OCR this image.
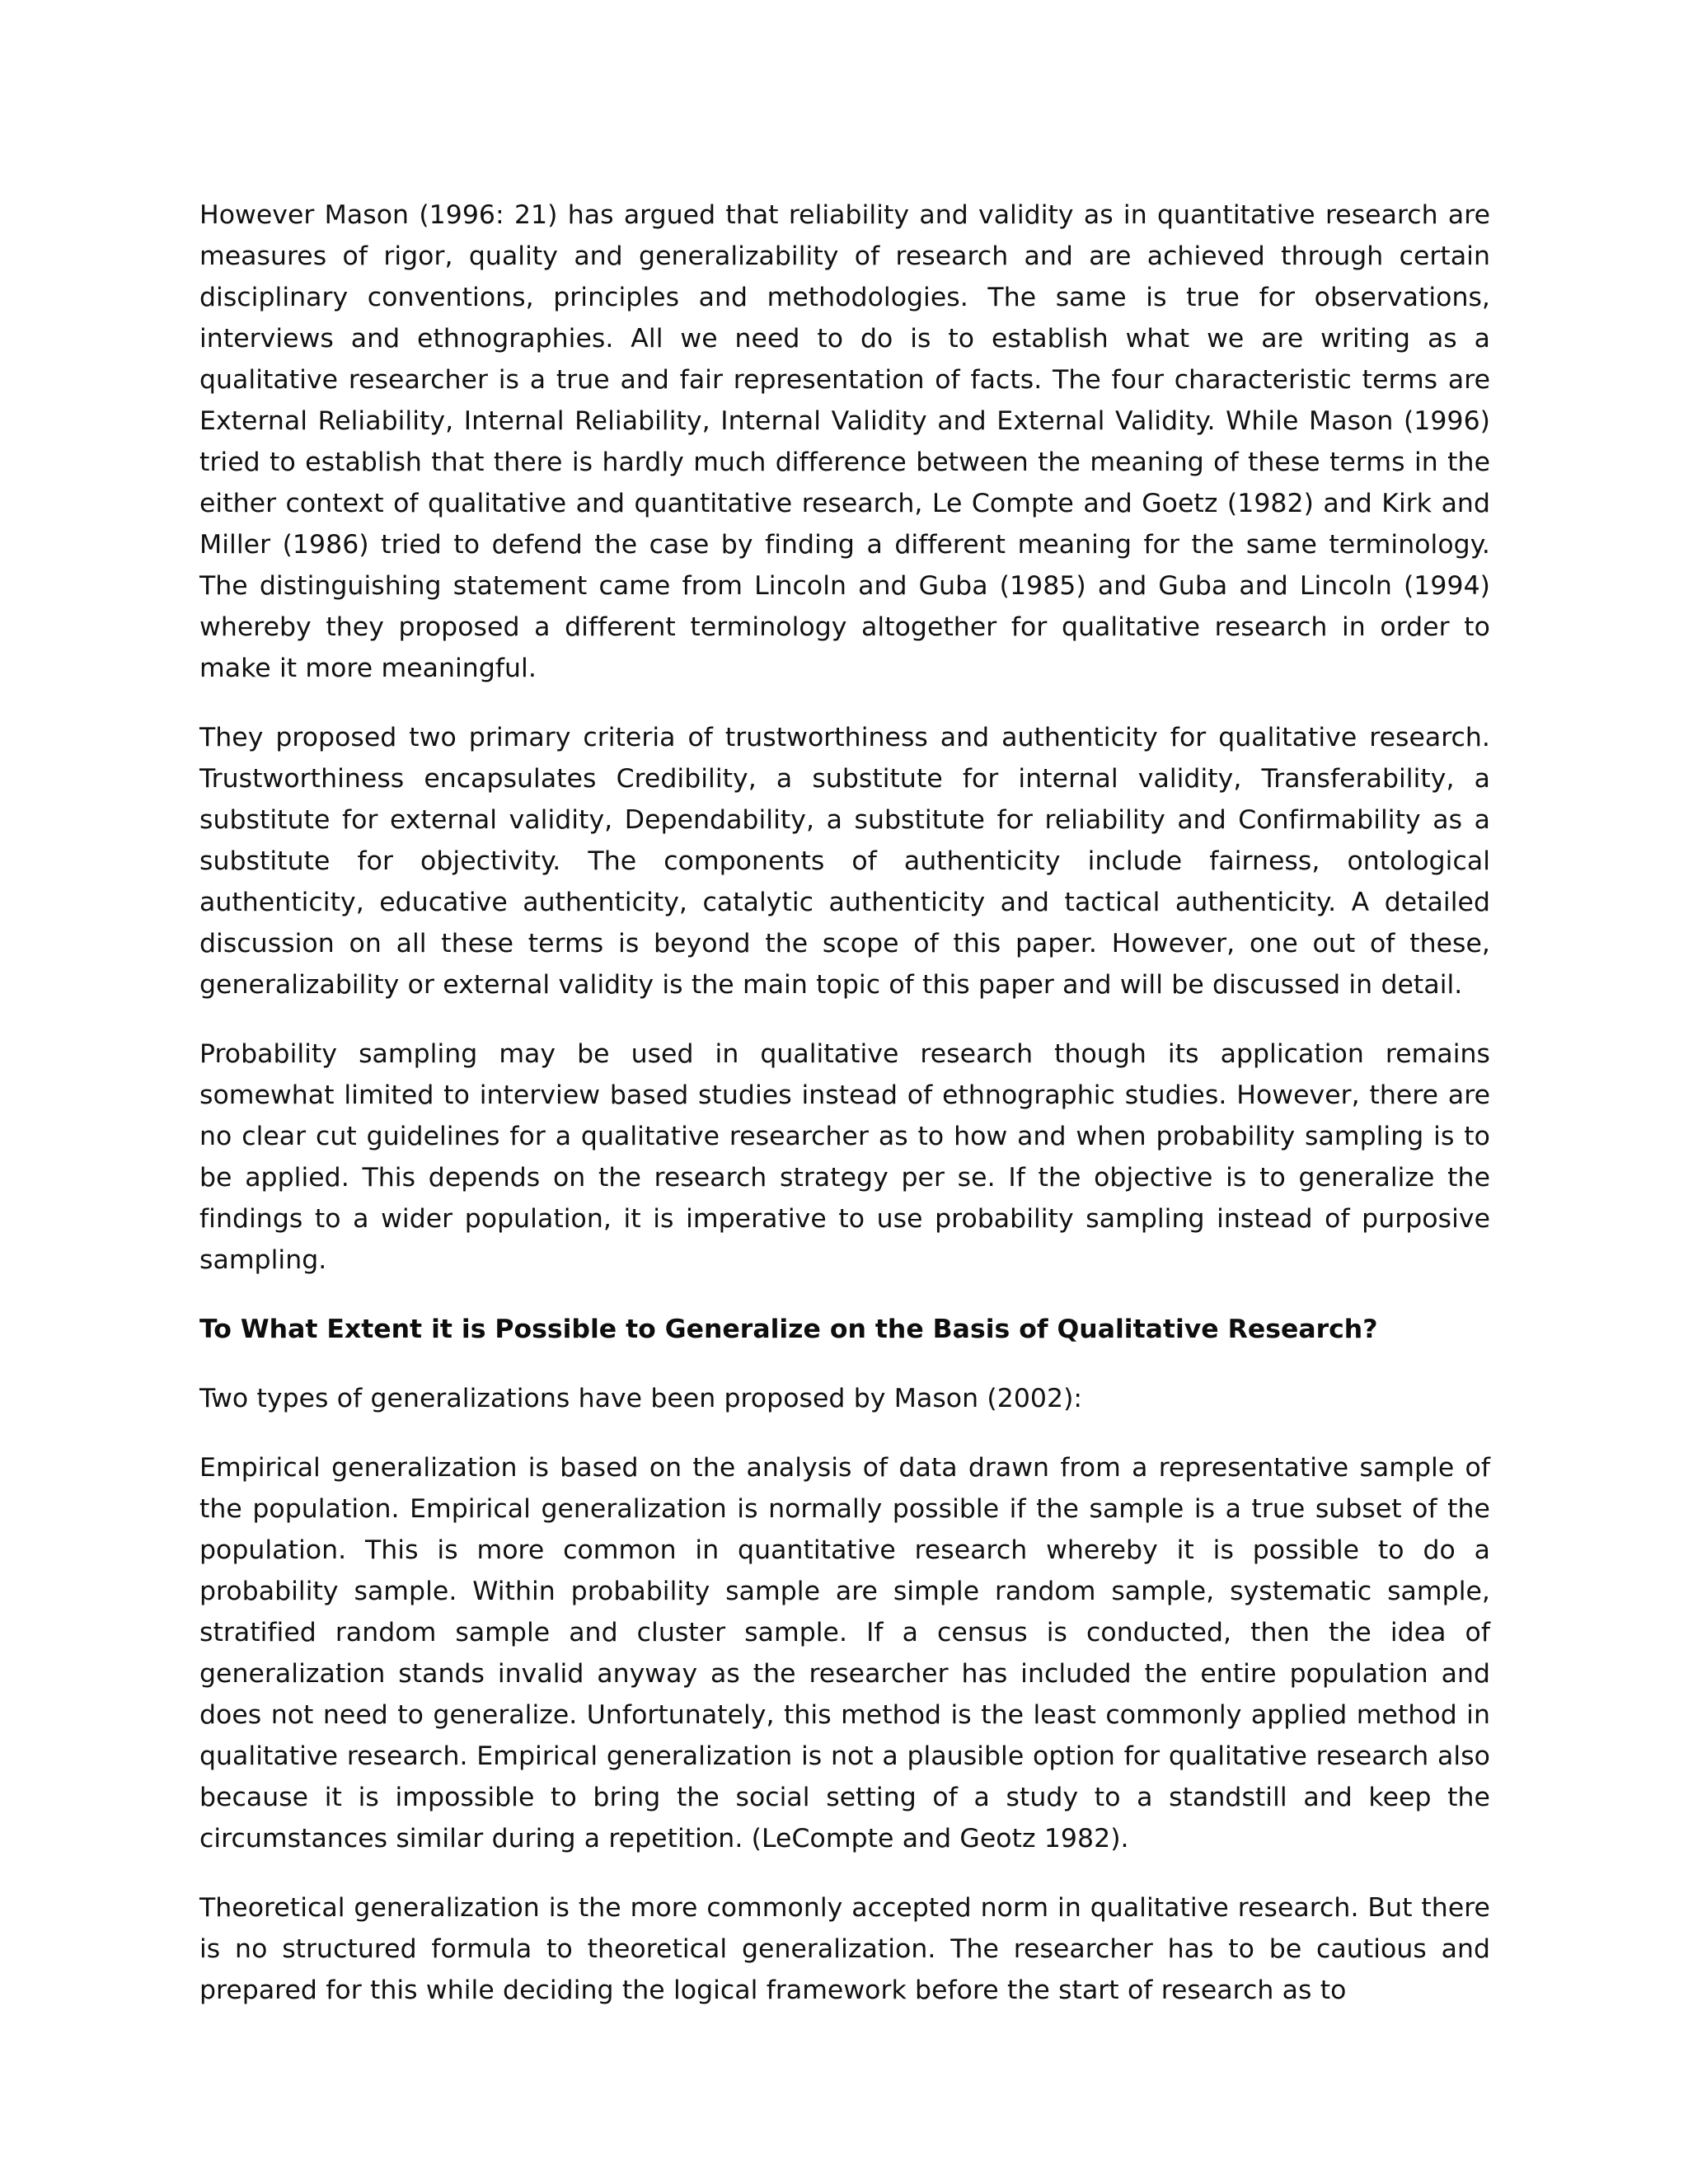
However Mason (1996: 21) has argued that reliability and validity as in quantitative research are measures of rigor, quality and generalizability of research and are achieved through certain disciplinary conventions, principles and methodologies. The same is true for observations, interviews and ethnographies. All we need to do is to establish what we are writing as a qualitative researcher is a true and fair representation of facts. The four characteristic terms are External Reliability, Internal Reliability, Internal Validity and External Validity. While Mason (1996) tried to establish that there is hardly much difference between the meaning of these terms in the either context of qualitative and quantitative research, Le Compte and Goetz (1982) and Kirk and Miller (1986) tried to defend the case by finding a different meaning for the same terminology. The distinguishing statement came from Lincoln and Guba (1985) and Guba and Lincoln (1994) whereby they proposed a different terminology altogether for qualitative research in order to make it more meaningful.

They proposed two primary criteria of trustworthiness and authenticity for qualitative research. Trustworthiness encapsulates Credibility, a substitute for internal validity, Transferability, a substitute for external validity, Dependability, a substitute for reliability and Confirmability as a substitute for objectivity. The components of authenticity include fairness, ontological authenticity, educative authenticity, catalytic authenticity and tactical authenticity. A detailed discussion on all these terms is beyond the scope of this paper. However, one out of these, generalizability or external validity is the main topic of this paper and will be discussed in detail.

Probability sampling may be used in qualitative research though its application remains somewhat limited to interview based studies instead of ethnographic studies. However, there are no clear cut guidelines for a qualitative researcher as to how and when probability sampling is to be applied. This depends on the research strategy per se. If the objective is to generalize the findings to a wider population, it is imperative to use probability sampling instead of purposive sampling.

To What Extent it is Possible to Generalize on the Basis of Qualitative Research?

Two types of generalizations have been proposed by Mason (2002):

Empirical generalization is based on the analysis of data drawn from a representative sample of the population. Empirical generalization is normally possible if the sample is a true subset of the population. This is more common in quantitative research whereby it is possible to do a probability sample. Within probability sample are simple random sample, systematic sample, stratified random sample and cluster sample. If a census is conducted, then the idea of generalization stands invalid anyway as the researcher has included the entire population and does not need to generalize. Unfortunately, this method is the least commonly applied method in qualitative research. Empirical generalization is not a plausible option for qualitative research also because it is impossible to bring the social setting of a study to a standstill and keep the circumstances similar during a repetition. (LeCompte and Geotz 1982).

Theoretical generalization is the more commonly accepted norm in qualitative research. But there is no structured formula to theoretical generalization. The researcher has to be cautious and prepared for this while deciding the logical framework before the start of research as to
